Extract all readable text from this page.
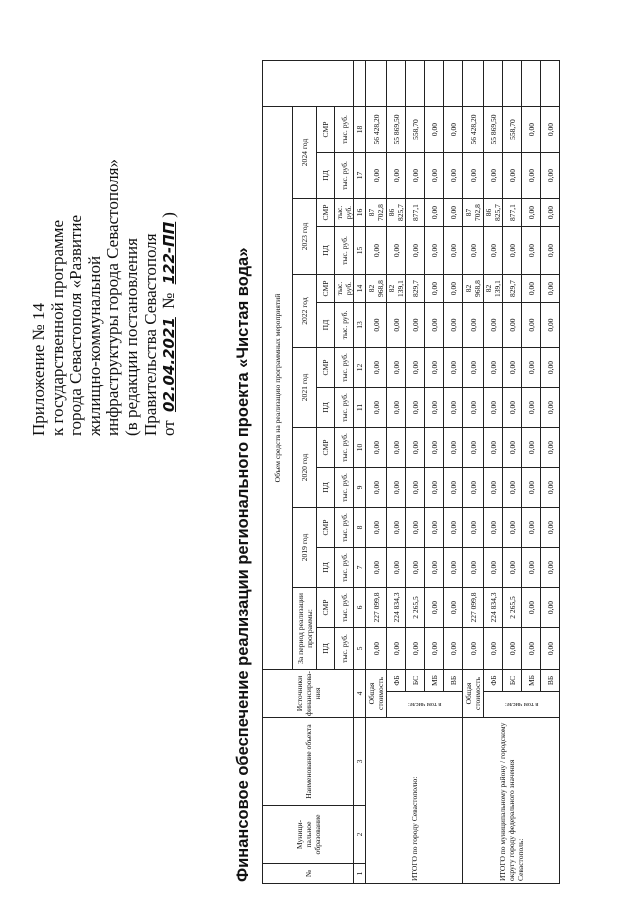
Приложение № 14 к государственной программе города Севастополя «Развитие жилищно-коммунальной инфраструктуры города Севастополя» (в редакции постановления Правительства Севастополя от 02.04.2021 № 122-ПП)
Финансовое обеспечение реализации регионального проекта «Чистая вода»	№	Муници-пальное образование	Наименование объекта	Источники финансирова-ния		Объем средств на реализацию программных мероприятий														
					За период реализации программы:		2019 год		2020 год		2021 год		2022 год		2023 год		2024 год		
					ПД	СМР	ПД	СМР	ПД	СМР	ПД	СМР	ПД	СМР	ПД	СМР	ПД	СМР	
					тыс. руб.	тыс. руб.	тыс. руб.	тыс. руб.	тыс. руб.	тыс. руб.	тыс. руб.	тыс. руб.	тыс. руб.	тыс. руб.	тыс. руб.	тыс. руб.	тыс. руб.	тыс. руб.	
1	2	3	4		5	6	7	8	9	10	11	12	13	14	15	16	17	18	
ИТОГО по городу Севастополю:			Общая стоимость		0,00	227 099,8	0,00	0,00	0,00	0,00	0,00	0,00	0,00	82 968,8	0,00	87 702,8	0,00	56 428,20	

			в том числе:	ФБ	0,00	224 834,3	0,00	0,00	0,00	0,00	0,00	0,00	0,00	82 139,1	0,00	86 825,7	0,00	55 869,50	
				БС	0,00	2 265,5	0,00	0,00	0,00	0,00	0,00	0,00	0,00	829,7	0,00	877,1	0,00	558,70	
				МБ	0,00	0,00	0,00	0,00	0,00	0,00	0,00	0,00	0,00	0,00	0,00	0,00	0,00	0,00	
				ВБ	0,00	0,00	0,00	0,00	0,00	0,00	0,00	0,00	0,00	0,00	0,00	0,00	0,00	0,00	
ИТОГО по муниципальному району / городскому округу городу федерального значения Севастополь:			Общая стоимость		0,00	227 099,8	0,00	0,00	0,00	0,00	0,00	0,00	0,00	82 968,8	0,00	87 702,8	0,00	56 428,20	

			в том числе:	ФБ	0,00	224 834,3	0,00	0,00	0,00	0,00	0,00	0,00	0,00	82 139,1	0,00	86 825,7	0,00	55 869,50	
				БС	0,00	2 265,5	0,00	0,00	0,00	0,00	0,00	0,00	0,00	829,7	0,00	877,1	0,00	558,70	
				МБ	0,00	0,00	0,00	0,00	0,00	0,00	0,00	0,00	0,00	0,00	0,00	0,00	0,00	0,00	
				ВБ	0,00	0,00	0,00	0,00	0,00	0,00	0,00	0,00	0,00	0,00	0,00	0,00	0,00	0,00	
